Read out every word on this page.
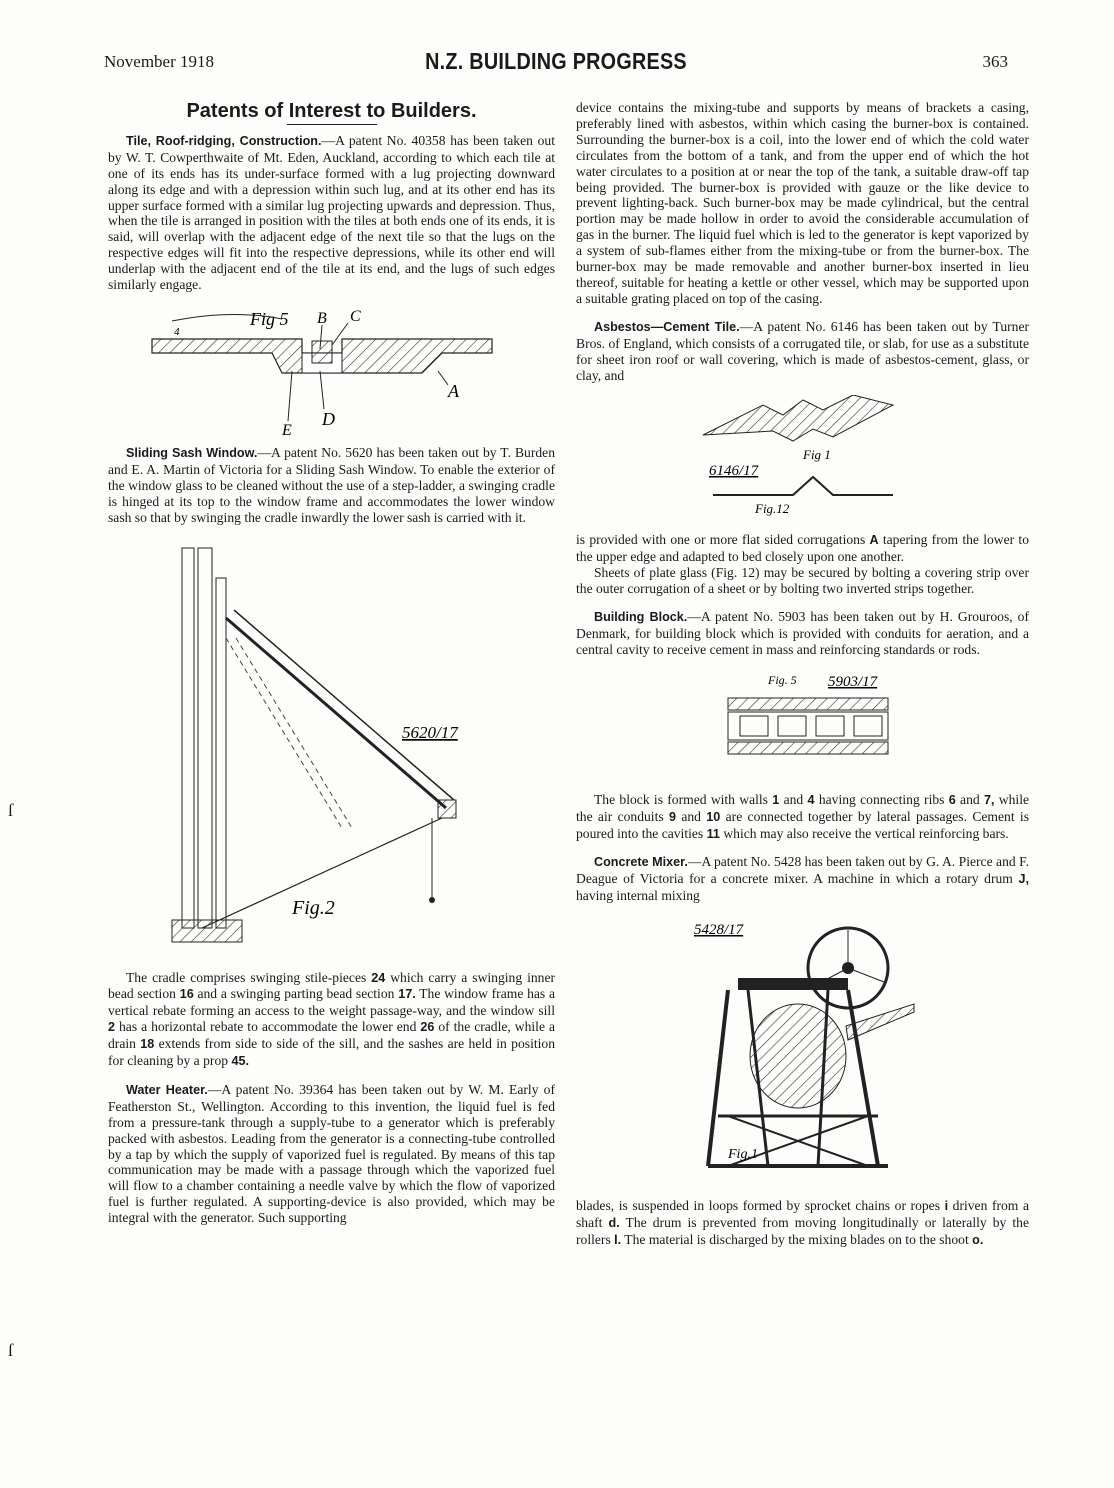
November 1918	N.Z. BUILDING PROGRESS	363
ſ
ſ
Patents of Interest to Builders.

Tile, Roof-ridging, Construction.—A patent No. 40358 has been taken out by W. T. Cowperthwaite of Mt. Eden, Auckland, according to which each tile at one of its ends has its under-surface formed with a lug projecting downward along its edge and with a depression within such lug, and at its other end has its upper surface formed with a similar lug projecting upwards and depression. Thus, when the tile is arranged in position with the tiles at both ends one of its ends, it is said, will overlap with the adjacent edge of the next tile so that the lugs on the respective edges will fit into the respective depressions, while its other end will underlap with the adjacent end of the tile at its end, and the lugs of such edges similarly engage.

Fig 5
4
B C
A
D
E

Sliding Sash Window.—A patent No. 5620 has been taken out by T. Burden and E. A. Martin of Victoria for a Sliding Sash Window. To enable the exterior of the window glass to be cleaned without the use of a step-ladder, a swinging cradle is hinged at its top to the window frame and accommodates the lower window sash so that by swinging the cradle inwardly the lower sash is carried with it.

5620/17
Fig.2

The cradle comprises swinging stile-pieces 24 which carry a swinging inner bead section 16 and a swinging parting bead section 17. The window frame has a vertical rebate forming an access to the weight passage-way, and the window sill 2 has a horizontal rebate to accommodate the lower end 26 of the cradle, while a drain 18 extends from side to side of the sill, and the sashes are held in position for cleaning by a prop 45.

Water Heater.—A patent No. 39364 has been taken out by W. M. Early of Featherston St., Wellington. According to this invention, the liquid fuel is fed from a pressure-tank through a supply-tube to a generator which is preferably packed with asbestos. Leading from the generator is a connecting-tube controlled by a tap by which the supply of vaporized fuel is regulated. By means of this tap communication may be made with a passage through which the vaporized fuel will flow to a chamber containing a needle valve by which the flow of vaporized fuel is further regulated. A supporting-device is also provided, which may be integral with the generator. Such supporting

device contains the mixing-tube and supports by means of brackets a casing, preferably lined with asbestos, within which casing the burner-box is contained. Surrounding the burner-box is a coil, into the lower end of which the cold water circulates from the bottom of a tank, and from the upper end of which the hot water circulates to a position at or near the top of the tank, a suitable draw-off tap being provided. The burner-box is provided with gauze or the like device to prevent lighting-back. Such burner-box may be made cylindrical, but the central portion may be made hollow in order to avoid the considerable accumulation of gas in the burner. The liquid fuel which is led to the generator is kept vaporized by a system of sub-flames either from the mixing-tube or from the burner-box. The burner-box may be made removable and another burner-box inserted in lieu thereof, suitable for heating a kettle or other vessel, which may be supported upon a suitable grating placed on top of the casing.

Asbestos—Cement Tile.—A patent No. 6146 has been taken out by Turner Bros. of England, which consists of a corrugated tile, or slab, for use as a substitute for sheet iron roof or wall covering, which is made of asbestos-cement, glass, or clay, and

Fig 1
6146/17
Fig.12

is provided with one or more flat sided corrugations A tapering from the lower to the upper edge and adapted to bed closely upon one another.

Sheets of plate glass (Fig. 12) may be secured by bolting a covering strip over the outer corrugation of a sheet or by bolting two inverted strips together.

Building Block.—A patent No. 5903 has been taken out by H. Grouroos, of Denmark, for building block which is provided with conduits for aeration, and a central cavity to receive cement in mass and reinforcing standards or rods.

Fig. 5 5903/17

The block is formed with walls 1 and 4 having connecting ribs 6 and 7, while the air conduits 9 and 10 are connected together by lateral passages. Cement is poured into the cavities 11 which may also receive the vertical reinforcing bars.

Concrete Mixer.—A patent No. 5428 has been taken out by G. A. Pierce and F. Deague of Victoria for a concrete mixer. A machine in which a rotary drum J, having internal mixing

5428/17
Fig.1

blades, is suspended in loops formed by sprocket chains or ropes i driven from a shaft d. The drum is prevented from moving longitudinally or laterally by the rollers l. The material is discharged by the mixing blades on to the shoot o.
